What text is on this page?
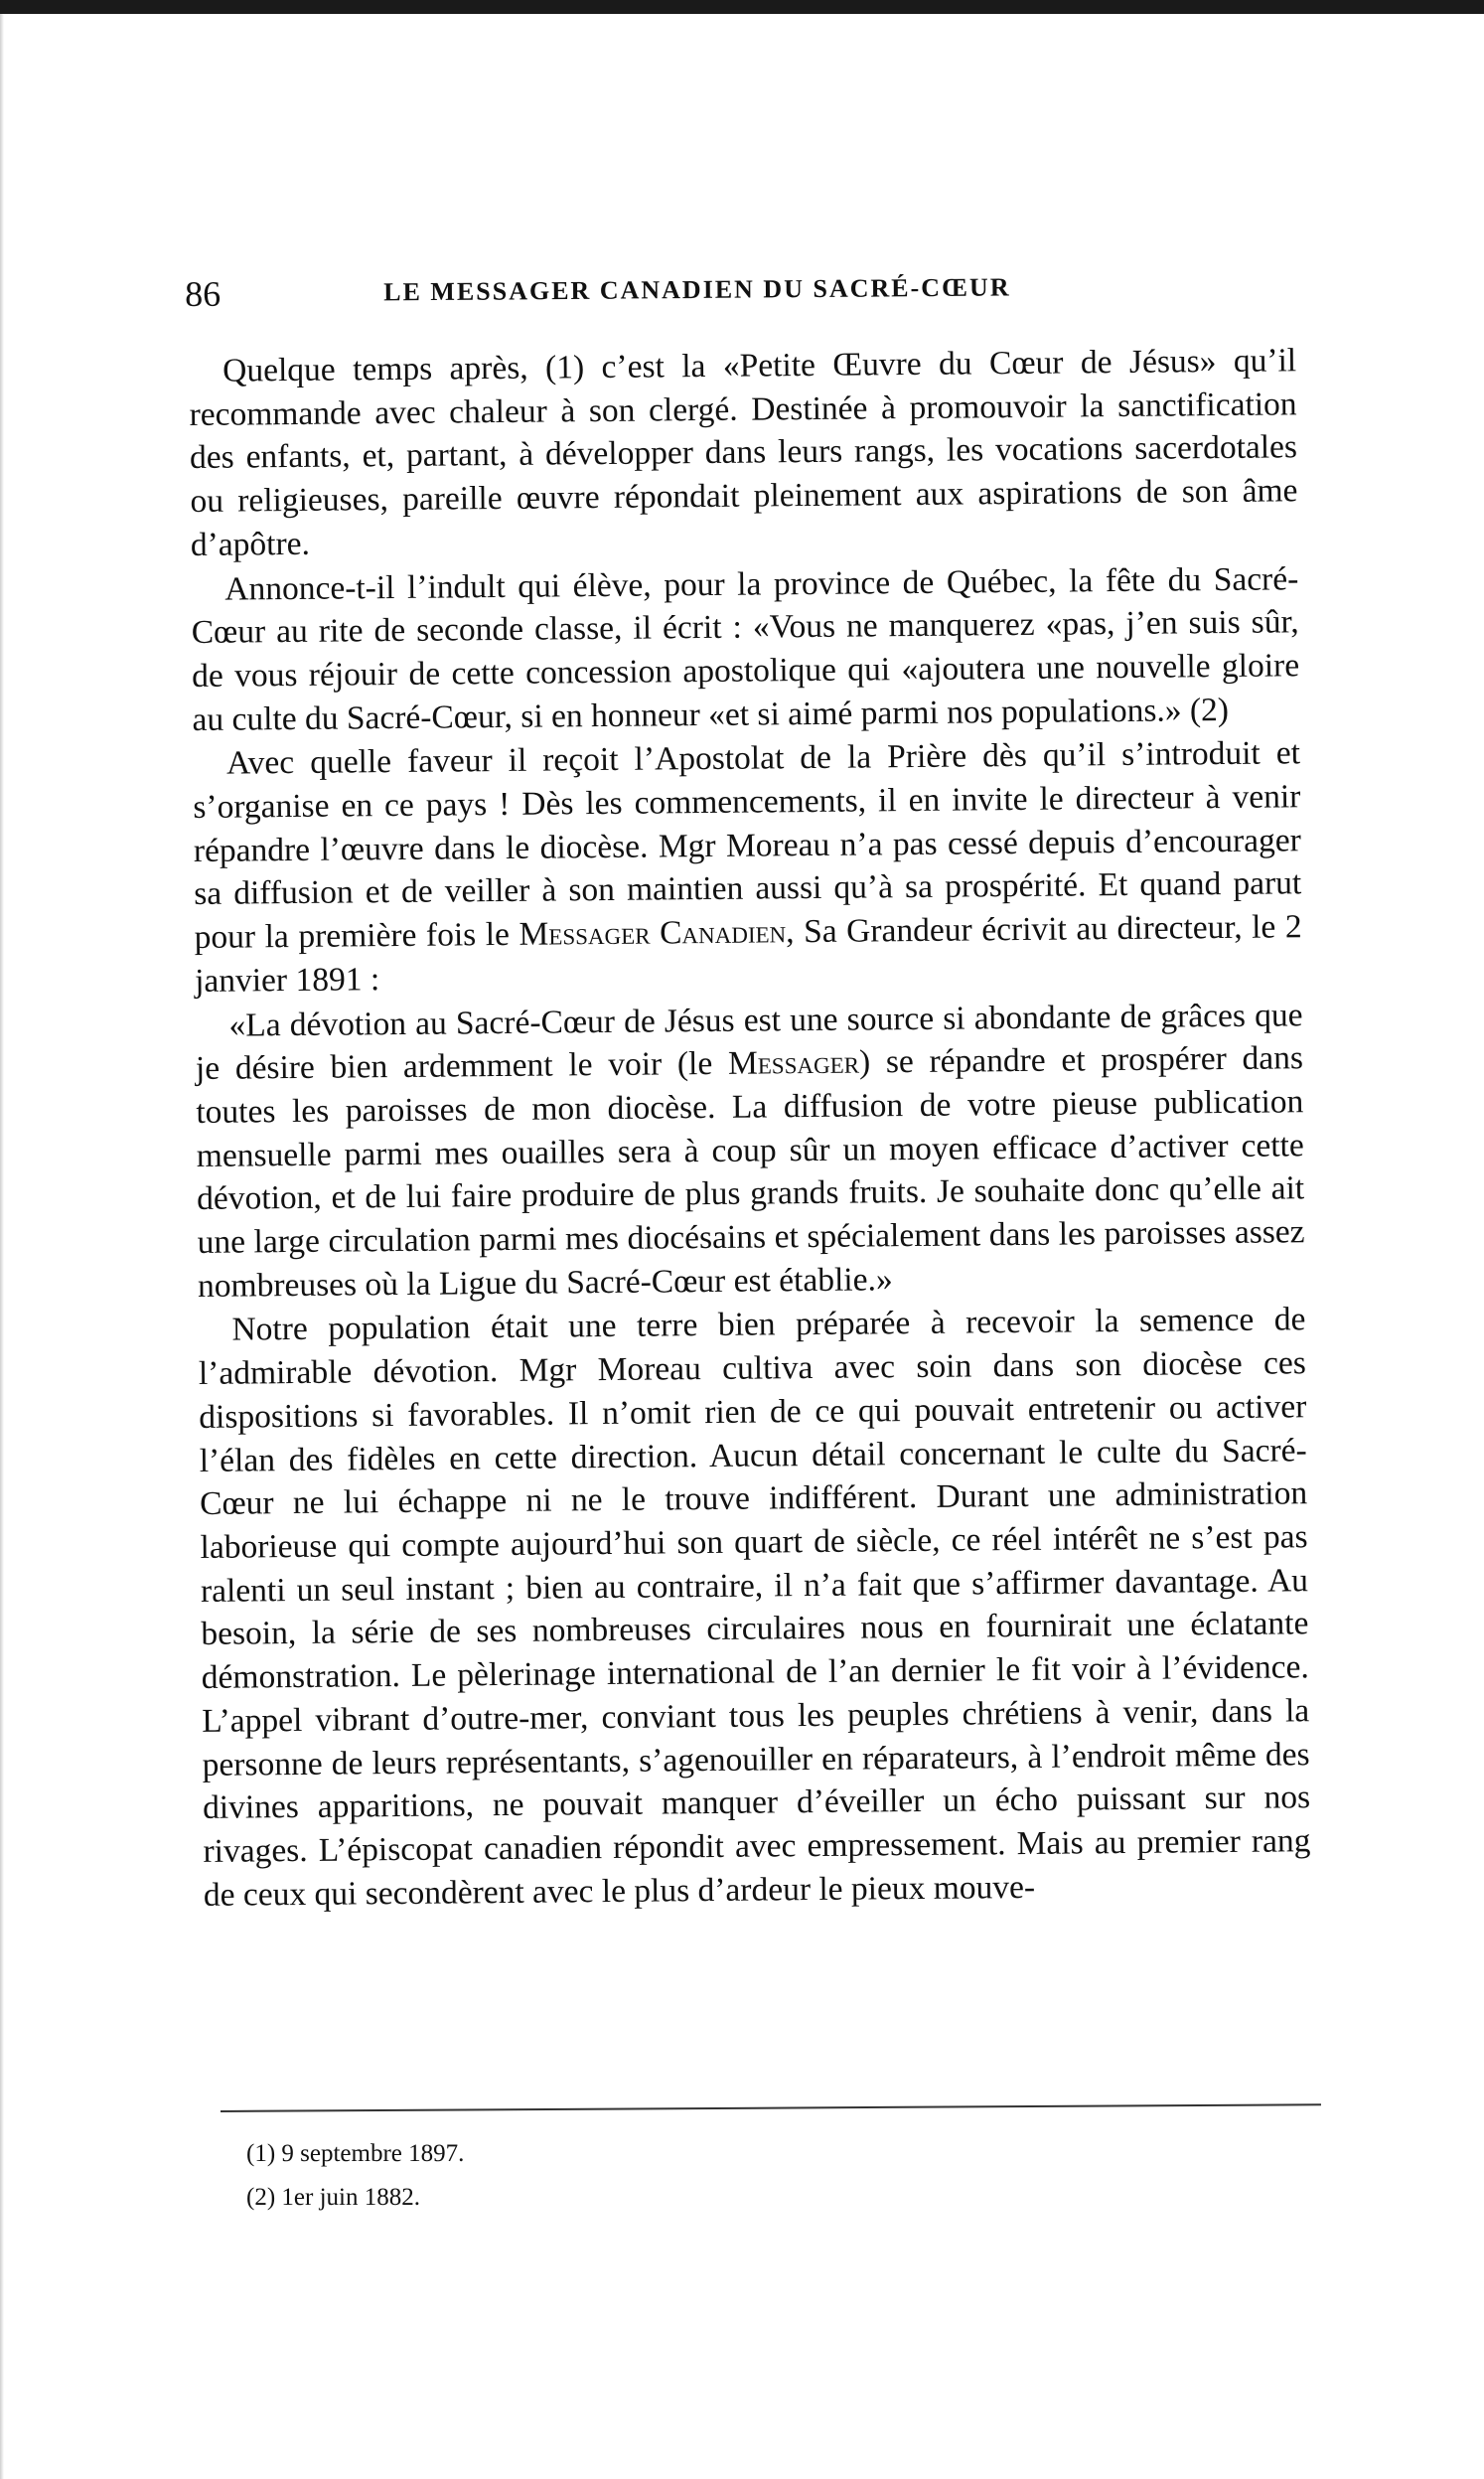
86	LE MESSAGER CANADIEN DU SACRÉ-CŒUR

Quelque temps après, (1) c’est la «Petite Œuvre du Cœur de Jésus» qu’il recommande avec chaleur à son clergé. Destinée à promouvoir la sanctification des enfants, et, partant, à développer dans leurs rangs, les vocations sacerdotales ou religieuses, pareille œuvre répondait pleinement aux aspirations de son âme d’apôtre.

Annonce-t-il l’indult qui élève, pour la province de Québec, la fête du Sacré-Cœur au rite de seconde classe, il écrit : «Vous ne manquerez «pas, j’en suis sûr, de vous réjouir de cette concession apostolique qui «ajoutera une nouvelle gloire au culte du Sacré-Cœur, si en honneur «et si aimé parmi nos populations.» (2)

Avec quelle faveur il reçoit l’Apostolat de la Prière dès qu’il s’introduit et s’organise en ce pays ! Dès les commencements, il en invite le directeur à venir répandre l’œuvre dans le diocèse. Mgr Moreau n’a pas cessé depuis d’encourager sa diffusion et de veiller à son maintien aussi qu’à sa prospérité. Et quand parut pour la première fois le Messager Canadien, Sa Grandeur écrivit au directeur, le 2 janvier 1891 :

«La dévotion au Sacré-Cœur de Jésus est une source si abondante de grâces que je désire bien ardemment le voir (le Messager) se répandre et prospérer dans toutes les paroisses de mon diocèse. La diffusion de votre pieuse publication mensuelle parmi mes ouailles sera à coup sûr un moyen efficace d’activer cette dévotion, et de lui faire produire de plus grands fruits. Je souhaite donc qu’elle ait une large circulation parmi mes diocésains et spécialement dans les paroisses assez nombreuses où la Ligue du Sacré-Cœur est établie.»

Notre population était une terre bien préparée à recevoir la semence de l’admirable dévotion. Mgr Moreau cultiva avec soin dans son diocèse ces dispositions si favorables. Il n’omit rien de ce qui pouvait entretenir ou activer l’élan des fidèles en cette direction. Aucun détail concernant le culte du Sacré-Cœur ne lui échappe ni ne le trouve indifférent. Durant une administration laborieuse qui compte aujourd’hui son quart de siècle, ce réel intérêt ne s’est pas ralenti un seul instant ; bien au contraire, il n’a fait que s’affirmer davantage. Au besoin, la série de ses nombreuses circulaires nous en fournirait une éclatante démonstration. Le pèlerinage international de l’an dernier le fit voir à l’évidence. L’appel vibrant d’outre-mer, conviant tous les peuples chrétiens à venir, dans la personne de leurs représentants, s’agenouiller en réparateurs, à l’endroit même des divines apparitions, ne pouvait manquer d’éveiller un écho puissant sur nos rivages. L’épiscopat canadien répondit avec empressement. Mais au premier rang de ceux qui secondèrent avec le plus d’ardeur le pieux mouve-

(1) 9 septembre 1897.
(2) 1er juin 1882.
